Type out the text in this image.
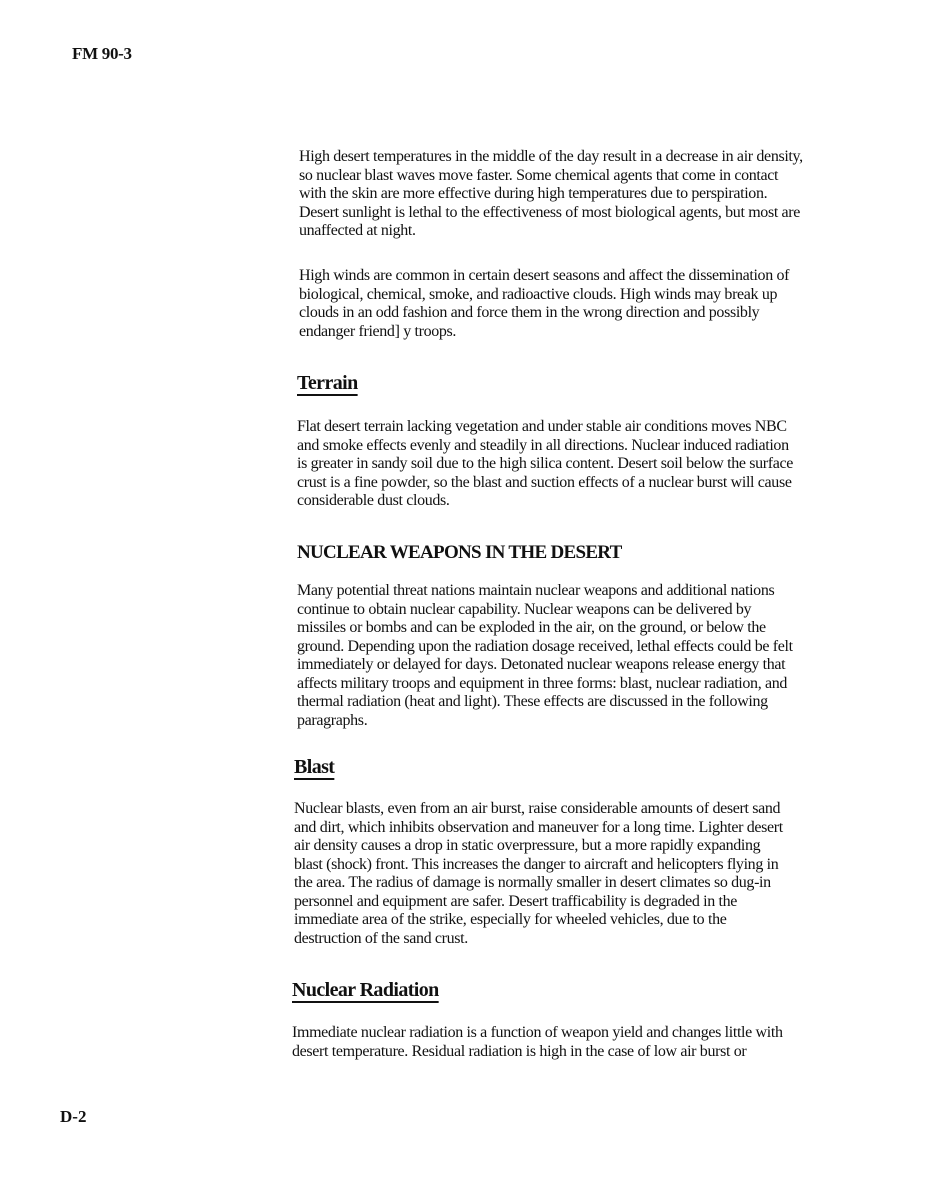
FM 90-3

High desert temperatures in the middle of the day result in a decrease in air density, so nuclear blast waves move faster. Some chemical agents that come in contact with the skin are more effective during high temperatures due to perspiration. Desert sunlight is lethal to the effectiveness of most biological agents, but most are unaffected at night.

High winds are common in certain desert seasons and affect the dissemination of biological, chemical, smoke, and radioactive clouds. High winds may break up clouds in an odd fashion and force them in the wrong direction and possibly endanger friend] y troops.

Terrain

Flat desert terrain lacking vegetation and under stable air conditions moves NBC and smoke effects evenly and steadily in all directions. Nuclear induced radiation is greater in sandy soil due to the high silica content. Desert soil below the surface crust is a fine powder, so the blast and suction effects of a nuclear burst will cause considerable dust clouds.

NUCLEAR WEAPONS IN THE DESERT

Many potential threat nations maintain nuclear weapons and additional nations continue to obtain nuclear capability. Nuclear weapons can be delivered by missiles or bombs and can be exploded in the air, on the ground, or below the ground. Depending upon the radiation dosage received, lethal effects could be felt immediately or delayed for days. Detonated nuclear weapons release energy that affects military troops and equipment in three forms: blast, nuclear radiation, and thermal radiation (heat and light). These effects are discussed in the following paragraphs.

Blast

Nuclear blasts, even from an air burst, raise considerable amounts of desert sand and dirt, which inhibits observation and maneuver for a long time. Lighter desert air density causes a drop in static overpressure, but a more rapidly expanding blast (shock) front. This increases the danger to aircraft and helicopters flying in the area. The radius of damage is normally smaller in desert climates so dug-in personnel and equipment are safer. Desert trafficability is degraded in the immediate area of the strike, especially for wheeled vehicles, due to the destruction of the sand crust.

Nuclear Radiation

Immediate nuclear radiation is a function of weapon yield and changes little with desert temperature. Residual radiation is high in the case of low air burst or

D-2
